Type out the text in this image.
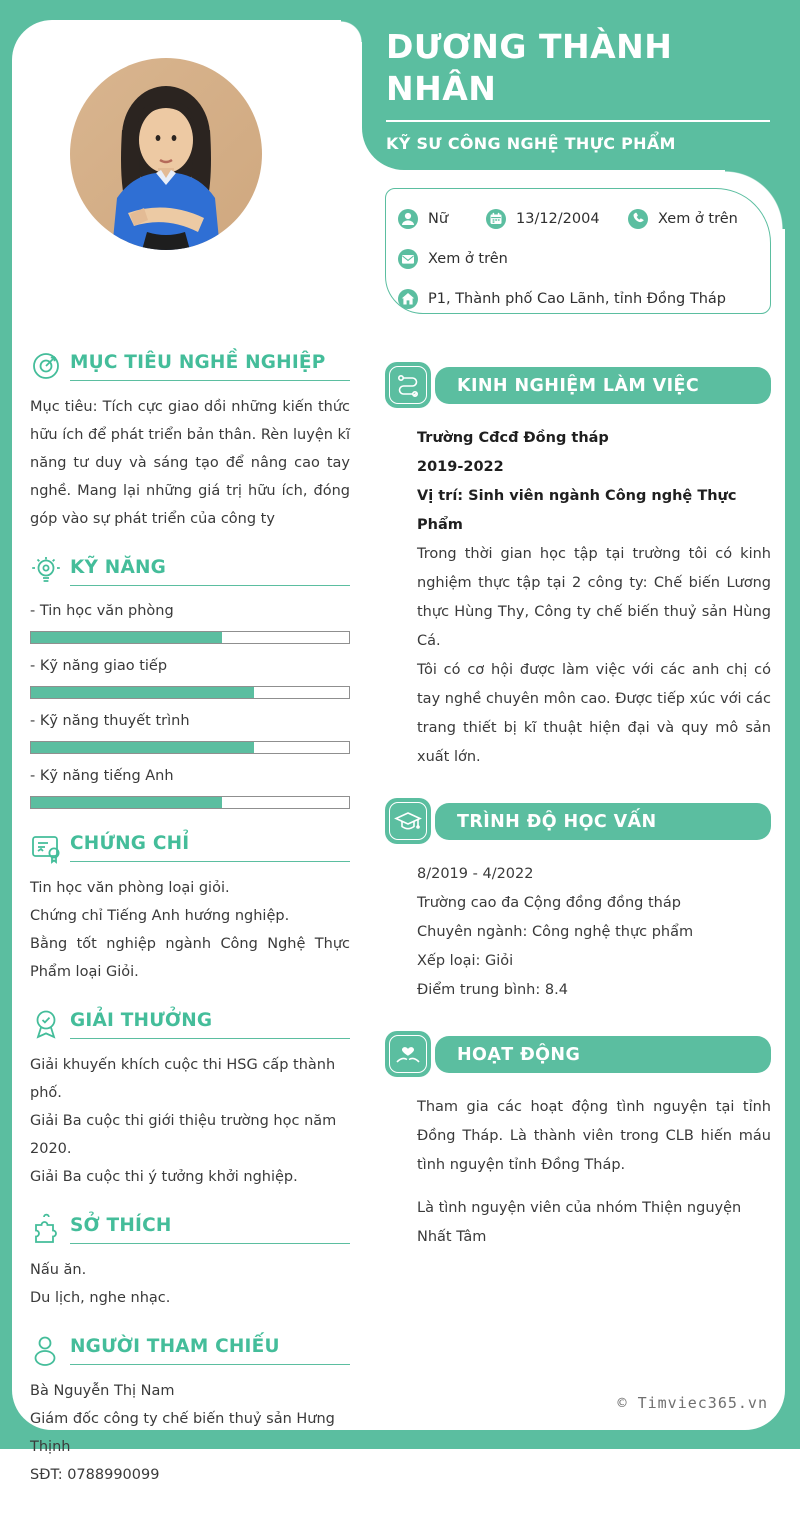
DƯƠNG THÀNH NHÂN
KỸ SƯ CÔNG NGHỆ THỰC PHẨM
Nữ	13/12/2004	Xem ở trên
Xem ở trên
P1, Thành phố Cao Lãnh, tỉnh Đồng Tháp
MỤC TIÊU NGHỀ NGHIỆP
Mục tiêu: Tích cực giao dồi những kiến thức hữu ích để phát triển bản thân. Rèn luyện kĩ năng tư duy và sáng tạo để nâng cao tay nghề. Mang lại những giá trị hữu ích, đóng góp vào sự phát triển của công ty
KỸ NĂNG
- Tin học văn phòng
- Kỹ năng giao tiếp
- Kỹ năng thuyết trình
- Kỹ năng tiếng Anh
CHỨNG CHỈ
Tin học văn phòng loại giỏi.
Chứng chỉ Tiếng Anh hướng nghiệp.
Bằng tốt nghiệp ngành Công Nghệ Thực Phẩm loại Giỏi.
GIẢI THƯỞNG
Giải khuyến khích cuộc thi HSG cấp thành phố.
Giải Ba cuộc thi giới thiệu trường học năm 2020.
Giải Ba cuộc thi ý tưởng khởi nghiệp.
SỞ THÍCH
Nấu ăn.
Du lịch, nghe nhạc.
NGƯỜI THAM CHIẾU
Bà Nguyễn Thị Nam
Giám đốc công ty chế biến thuỷ sản Hưng Thịnh
SĐT: 0788990099
KINH NGHIỆM LÀM VIỆC
Trường Cđcđ Đồng tháp
2019-2022
Vị trí: Sinh viên ngành Công nghệ Thực Phẩm
Trong thời gian học tập tại trường tôi có kinh nghiệm thực tập tại 2 công ty: Chế biến Lương thực Hùng Thy, Công ty chế biến thuỷ sản Hùng Cá.
Tôi có cơ hội được làm việc với các anh chị có tay nghề chuyên môn cao. Được tiếp xúc với các trang thiết bị kĩ thuật hiện đại và quy mô sản xuất lớn.
TRÌNH ĐỘ HỌC VẤN
8/2019 - 4/2022
Trường cao đa Cộng đồng đồng tháp
Chuyên ngành: Công nghệ thực phẩm
Xếp loại: Giỏi
Điểm trung bình: 8.4
HOẠT ĐỘNG
Tham gia các hoạt động tình nguyện tại tỉnh Đồng Tháp. Là thành viên trong CLB hiến máu tình nguyện tỉnh Đồng Tháp.
Là tình nguyện viên của nhóm Thiện nguyện Nhất Tâm
© Timviec365.vn
